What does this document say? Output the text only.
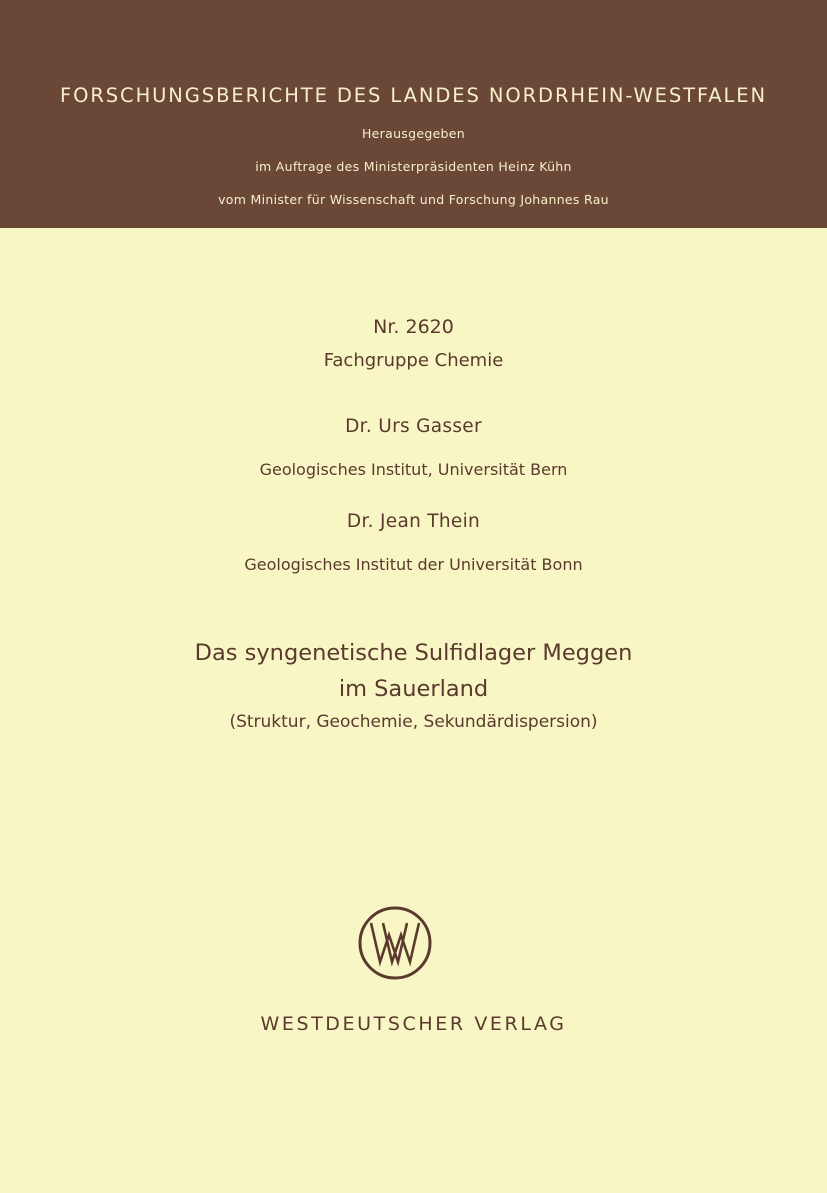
FORSCHUNGSBERICHTE DES LANDES NORDRHEIN-WESTFALEN
Herausgegeben
im Auftrage des Ministerpräsidenten Heinz Kühn
vom Minister für Wissenschaft und Forschung Johannes Rau
Nr. 2620
Fachgruppe Chemie
Dr. Urs Gasser
Geologisches Institut, Universität Bern
Dr. Jean Thein
Geologisches Institut der Universität Bonn
Das syngenetische Sulfidlager Meggen
im Sauerland
(Struktur, Geochemie, Sekundärdispersion)
WESTDEUTSCHER VERLAG
